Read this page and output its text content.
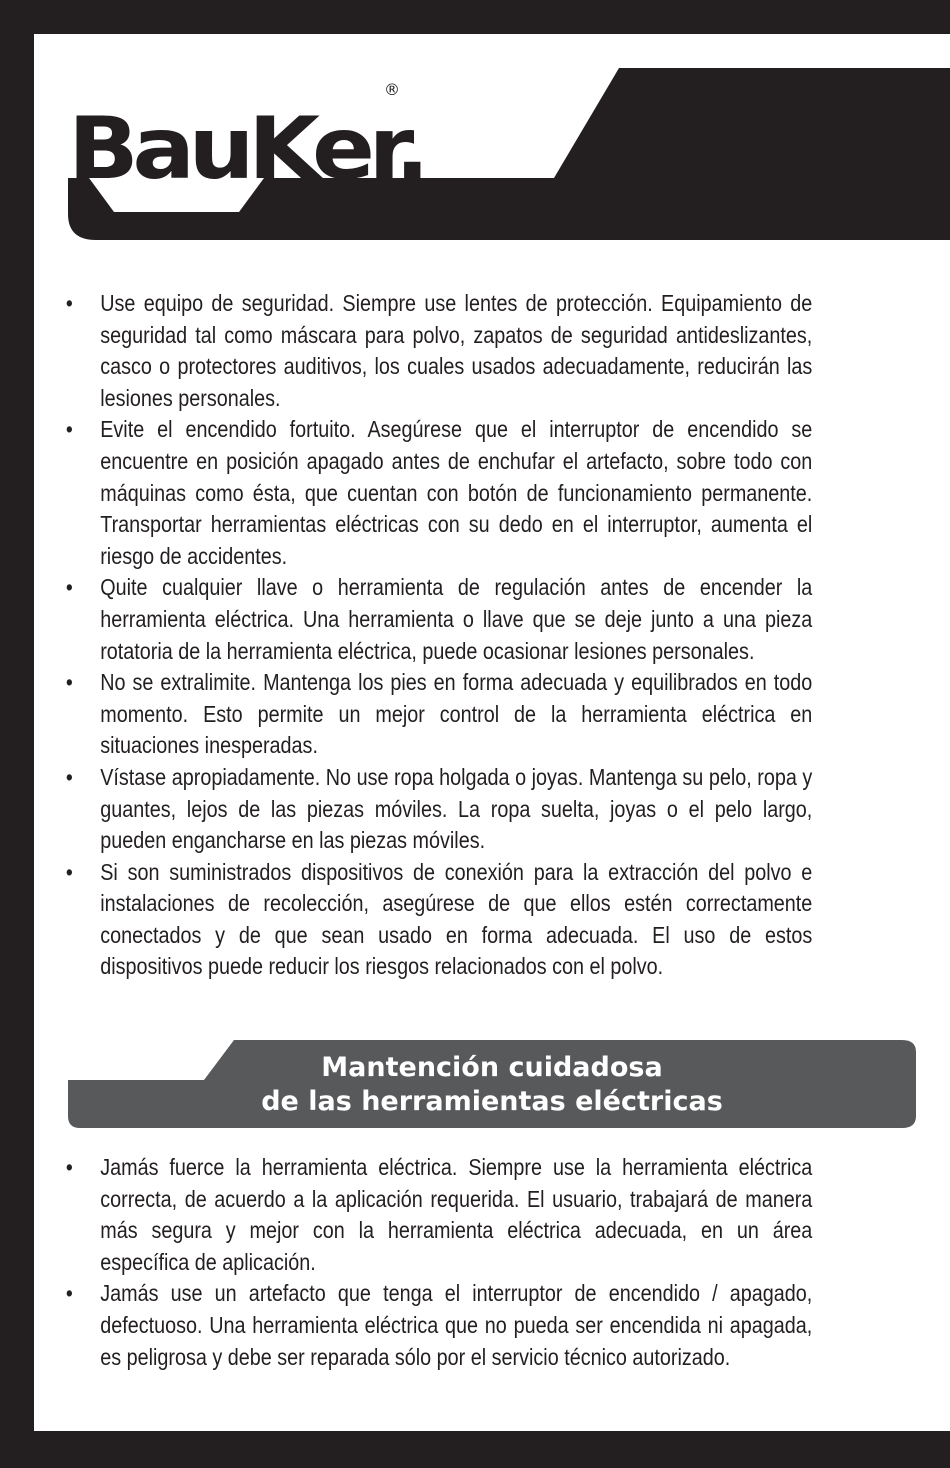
BauKer.
®
• Use equipo de seguridad. Siempre use lentes de protección. Equipamiento de seguridad tal como máscara para polvo, zapatos de seguridad antideslizantes, casco o protectores auditivos, los cuales usados adecuadamente, reducirán las lesiones personales.
• Evite el encendido fortuito. Asegúrese que el interruptor de encendido se encuentre en posición apagado antes de enchufar el artefacto, sobre todo con máquinas como ésta, que cuentan con botón de funcionamiento permanente. Transportar herramientas eléctricas con su dedo en el interruptor, aumenta el riesgo de accidentes.
• Quite cualquier llave o herramienta de regulación antes de encender la herramienta eléctrica. Una herramienta o llave que se deje junto a una pieza rotatoria de la herramienta eléctrica, puede ocasionar lesiones personales.
• No se extralimite. Mantenga los pies en forma adecuada y equilibrados en todo momento. Esto permite un mejor control de la herramienta eléctrica en situaciones inesperadas.
• Vístase apropiadamente. No use ropa holgada o joyas. Mantenga su pelo, ropa y guantes, lejos de las piezas móviles. La ropa suelta, joyas o el pelo largo, pueden engancharse en las piezas móviles.
• Si son suministrados dispositivos de conexión para la extracción del polvo e instalaciones de recolección, asegúrese de que ellos estén correctamente conectados y de que sean usado en forma adecuada. El uso de estos dispositivos puede reducir los riesgos relacionados con el polvo.
Mantención cuidadosa
de las herramientas eléctricas
• Jamás fuerce la herramienta eléctrica. Siempre use la herramienta eléctrica correcta, de acuerdo a la aplicación requerida. El usuario, trabajará de manera más segura y mejor con la herramienta eléctrica adecuada, en un área específica de aplicación.
• Jamás use un artefacto que tenga el interruptor de encendido / apagado, defectuoso. Una herramienta eléctrica que no pueda ser encendida ni apagada, es peligrosa y debe ser reparada sólo por el servicio técnico autorizado.
